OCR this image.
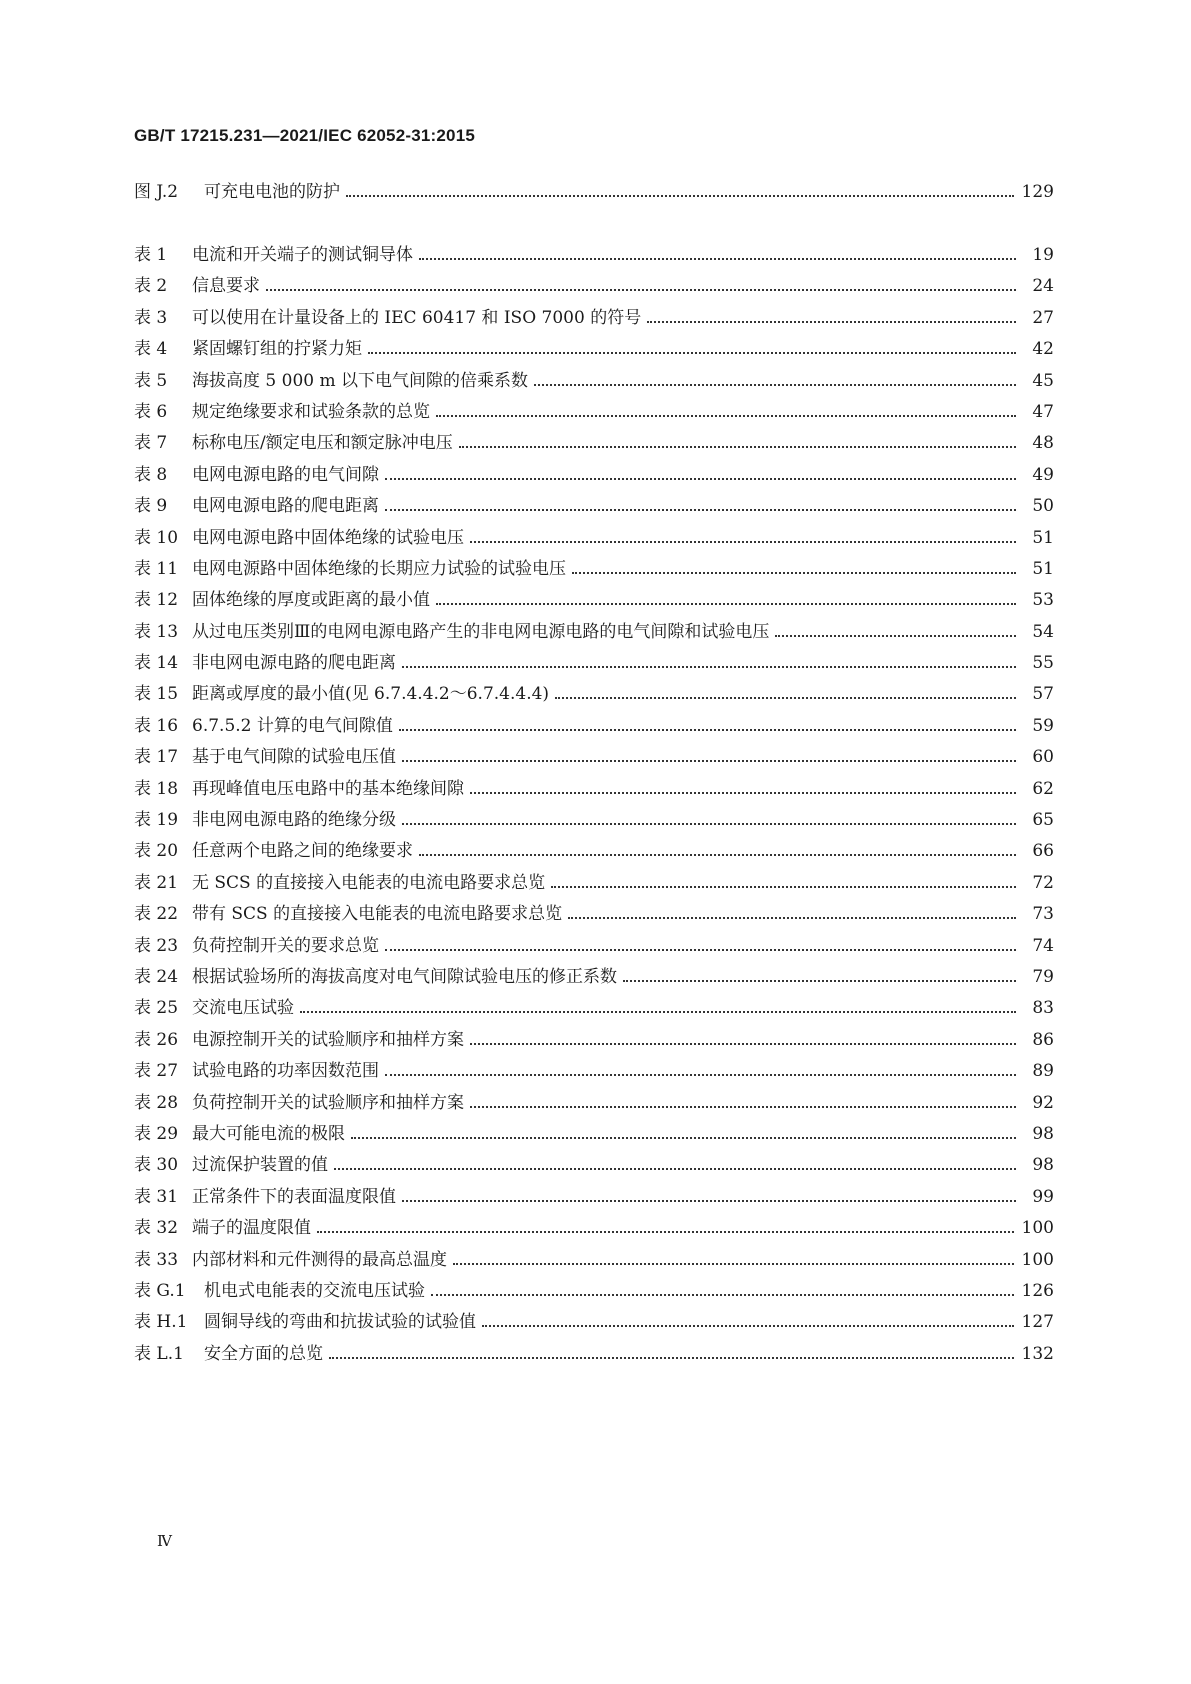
GB/T 17215.231—2021/IEC 62052-31:2015
图 J.2	可充电电池的防护	129
表 1	电流和开关端子的测试铜导体	19
表 2	信息要求	24
表 3	可以使用在计量设备上的 IEC 60417 和 ISO 7000 的符号	27
表 4	紧固螺钉组的拧紧力矩	42
表 5	海拔高度 5 000 m 以下电气间隙的倍乘系数	45
表 6	规定绝缘要求和试验条款的总览	47
表 7	标称电压/额定电压和额定脉冲电压	48
表 8	电网电源电路的电气间隙	49
表 9	电网电源电路的爬电距离	50
表 10 电网电源电路中固体绝缘的试验电压	51
表 11 电网电源路中固体绝缘的长期应力试验的试验电压	51
表 12 固体绝缘的厚度或距离的最小值	53
表 13 从过电压类别Ⅲ的电网电源电路产生的非电网电源电路的电气间隙和试验电压	54
表 14 非电网电源电路的爬电距离	55
表 15 距离或厚度的最小值(见 6.7.4.4.2～6.7.4.4.4)	57
表 16 6.7.5.2 计算的电气间隙值	59
表 17 基于电气间隙的试验电压值	60
表 18 再现峰值电压电路中的基本绝缘间隙	62
表 19 非电网电源电路的绝缘分级	65
表 20 任意两个电路之间的绝缘要求	66
表 21 无 SCS 的直接接入电能表的电流电路要求总览	72
表 22 带有 SCS 的直接接入电能表的电流电路要求总览	73
表 23 负荷控制开关的要求总览	74
表 24 根据试验场所的海拔高度对电气间隙试验电压的修正系数	79
表 25 交流电压试验	83
表 26 电源控制开关的试验顺序和抽样方案	86
表 27 试验电路的功率因数范围	89
表 28 负荷控制开关的试验顺序和抽样方案	92
表 29 最大可能电流的极限	98
表 30 过流保护装置的值	98
表 31 正常条件下的表面温度限值	99
表 32 端子的温度限值	100
表 33 内部材料和元件测得的最高总温度	100
表 G.1	机电式电能表的交流电压试验	126
表 H.1 圆铜导线的弯曲和抗拔试验的试验值	127
表 L.1	安全方面的总览	132
Ⅳ
